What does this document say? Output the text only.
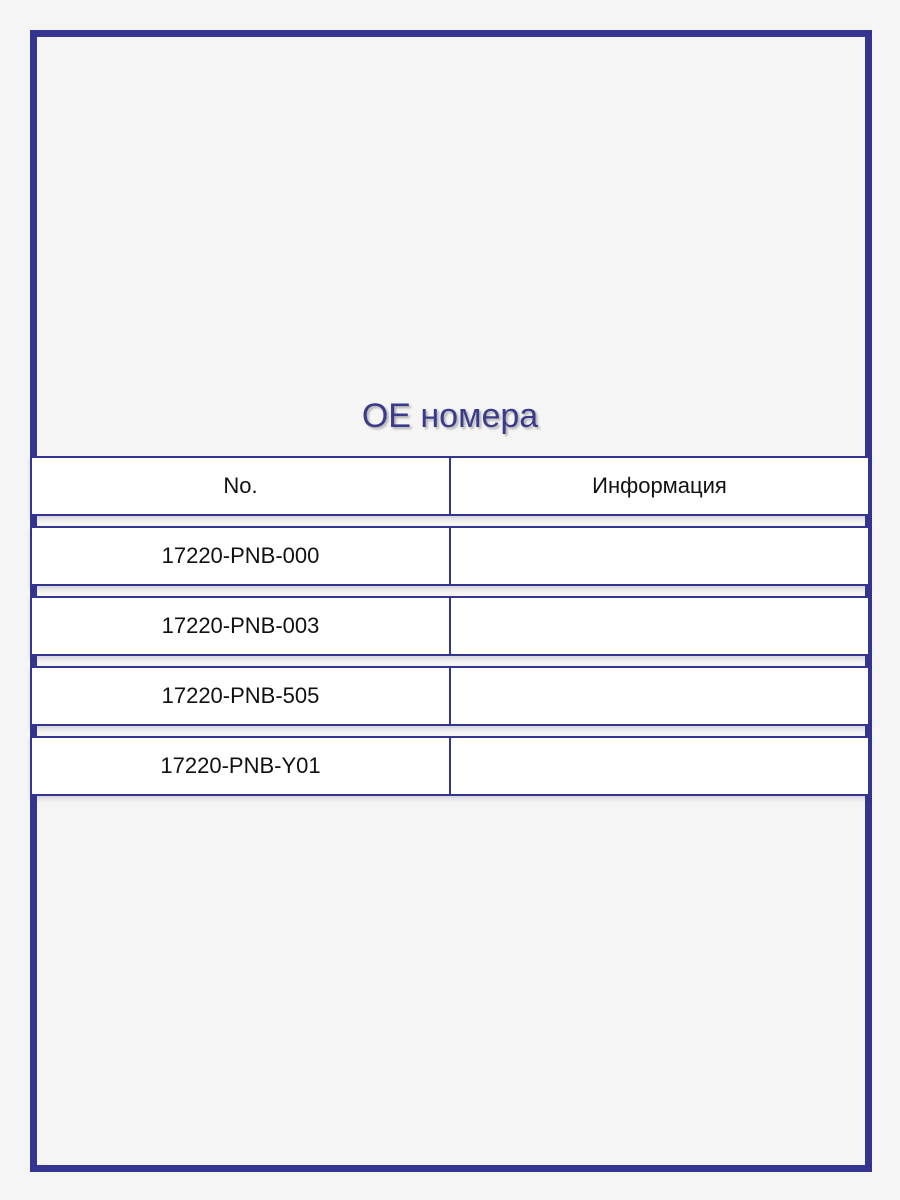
OE номера
No.	Информация
17220-PNB-000
17220-PNB-003
17220-PNB-505
17220-PNB-Y01
